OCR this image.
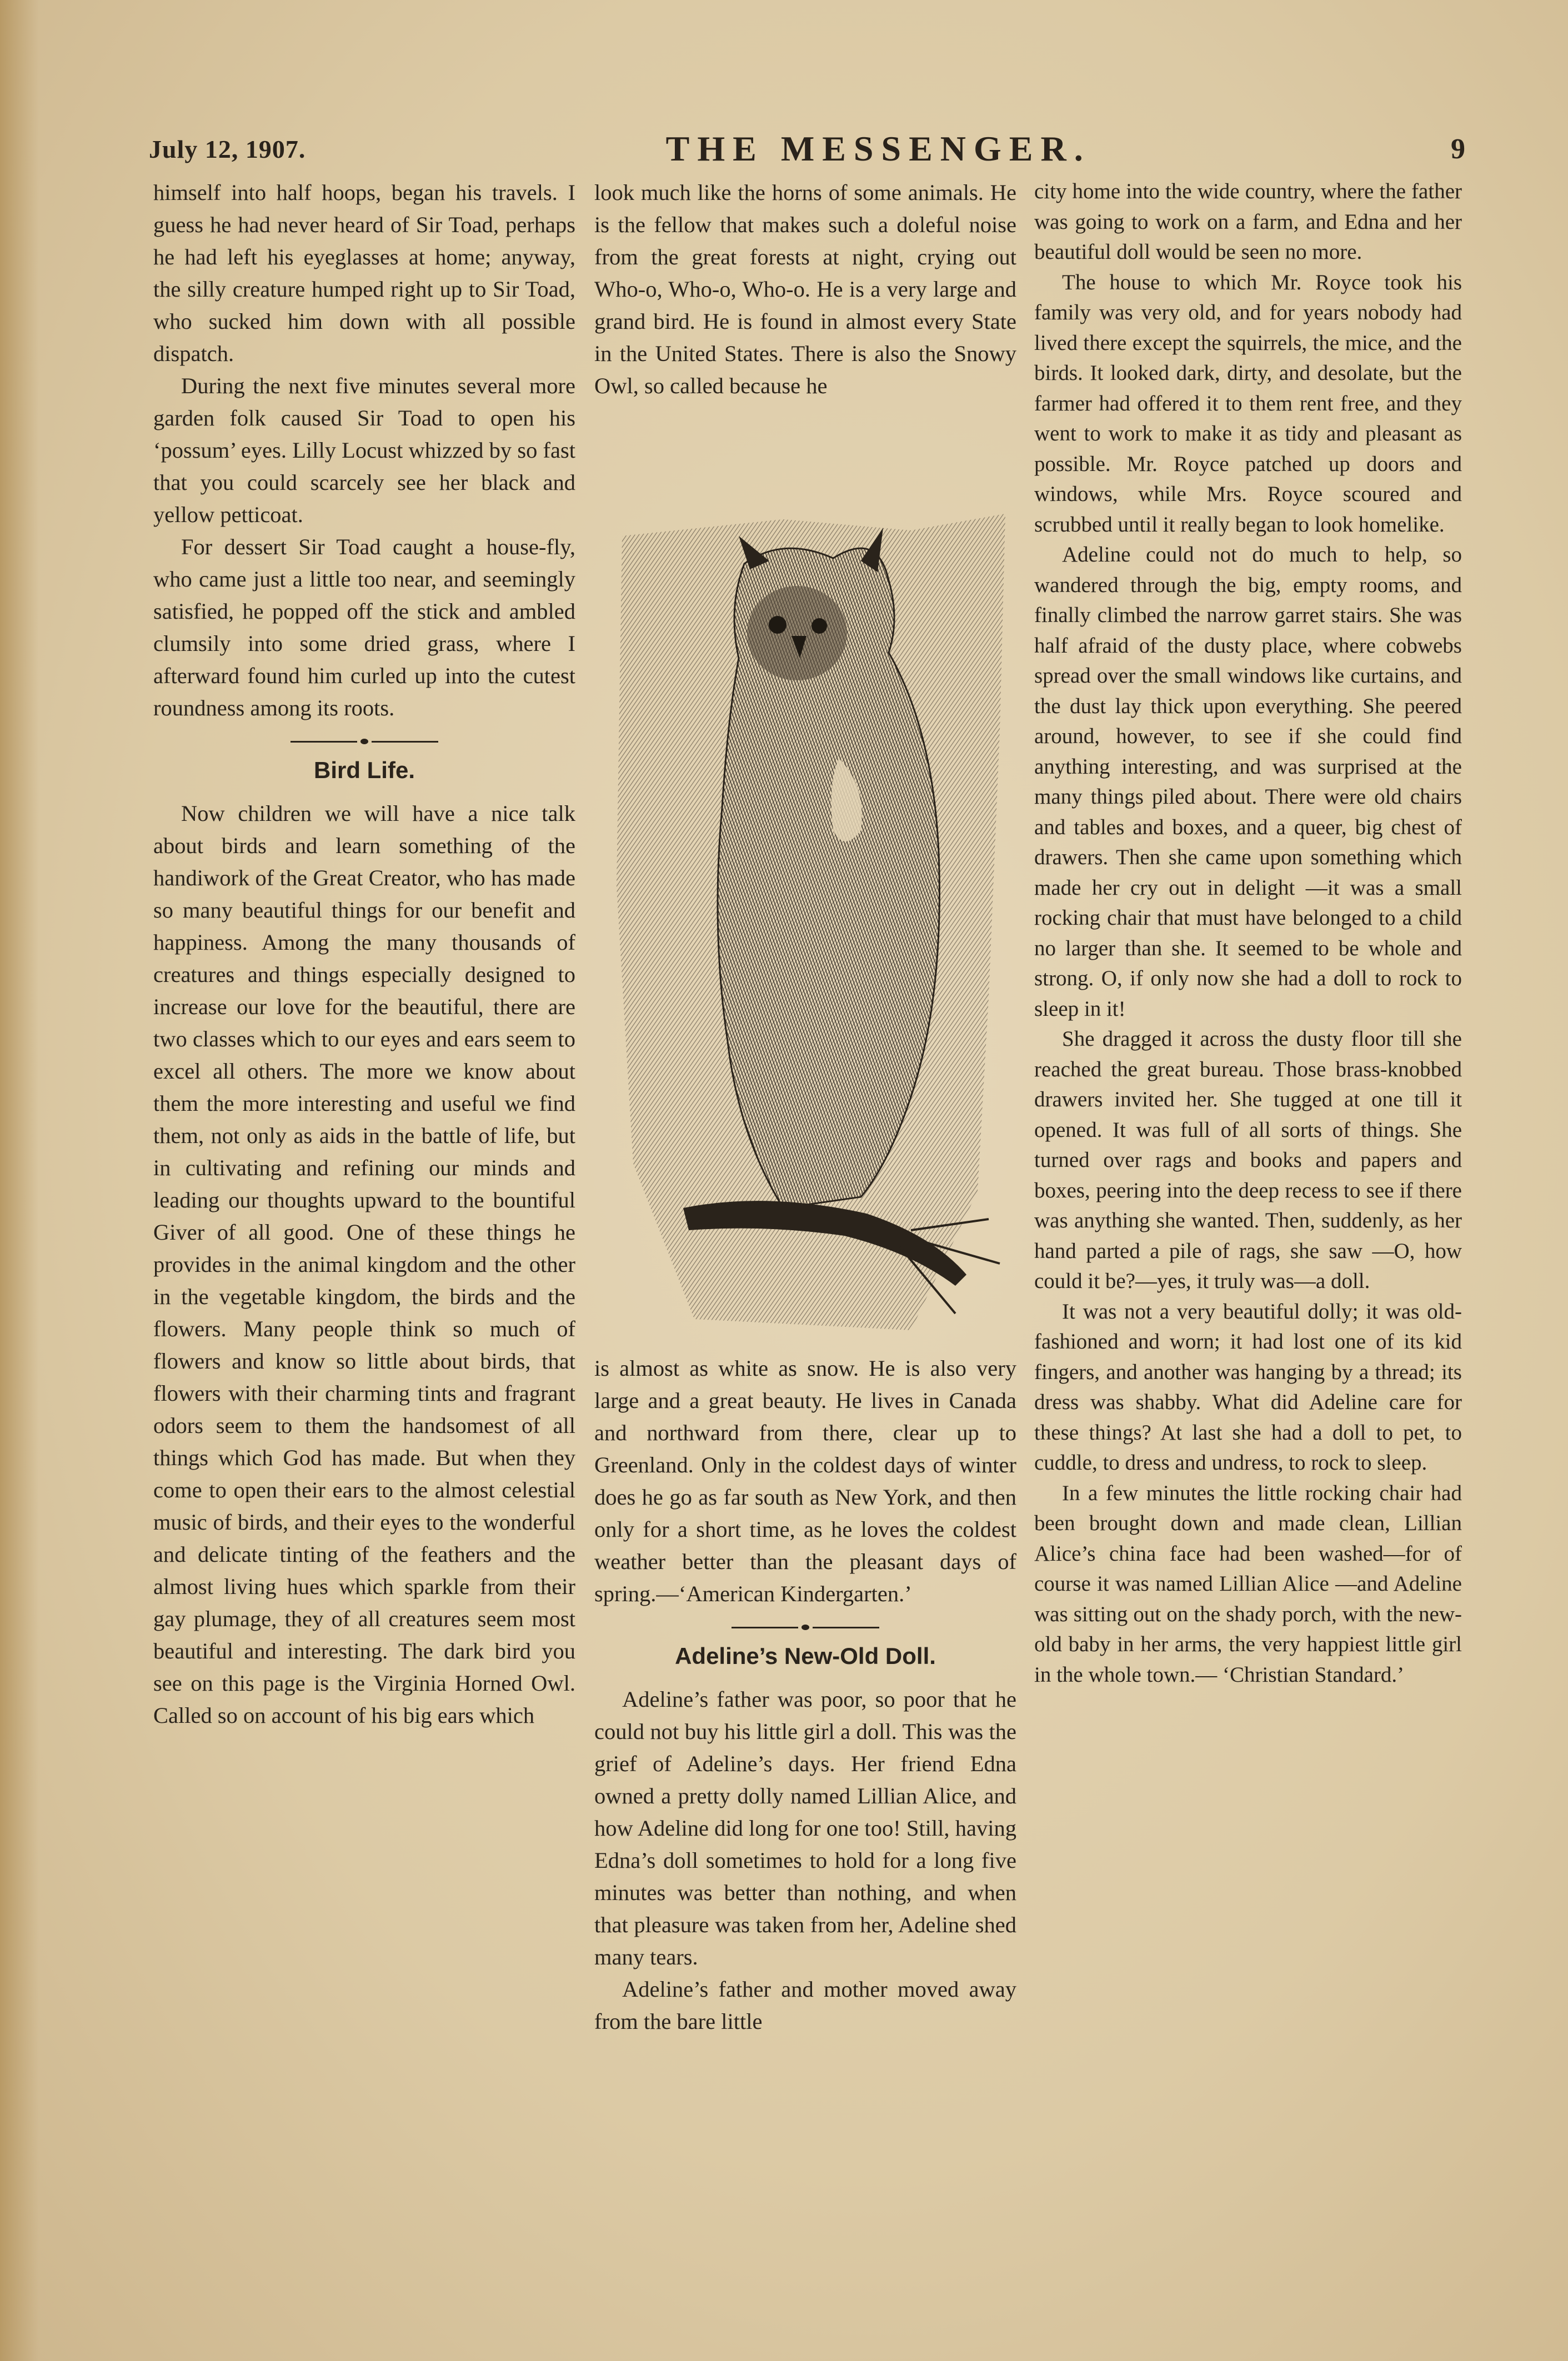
July 12, 1907.	THE MESSENGER.	9

himself into half hoops, began his travels. I guess he had never heard of Sir Toad, perhaps he had left his eyeglasses at home; anyway, the silly creature humped right up to Sir Toad, who sucked him down with all possible dispatch.

During the next five minutes several more garden folk caused Sir Toad to open his ‘possum’ eyes. Lilly Locust whizzed by so fast that you could scarcely see her black and yellow petticoat.

For dessert Sir Toad caught a house-fly, who came just a little too near, and seemingly satisfied, he popped off the stick and ambled clumsily into some dried grass, where I afterward found him curled up into the cutest roundness among its roots.

Bird Life.

Now children we will have a nice talk about birds and learn something of the handiwork of the Great Creator, who has made so many beautiful things for our benefit and happiness. Among the many thousands of creatures and things especially designed to increase our love for the beautiful, there are two classes which to our eyes and ears seem to excel all others. The more we know about them the more interesting and useful we find them, not only as aids in the battle of life, but in cultivating and refining our minds and leading our thoughts upward to the bountiful Giver of all good. One of these things he provides in the animal kingdom and the other in the vegetable kingdom, the birds and the flowers. Many people think so much of flowers and know so little about birds, that flowers with their charming tints and fragrant odors seem to them the handsomest of all things which God has made. But when they come to open their ears to the almost celestial music of birds, and their eyes to the wonderful and delicate tinting of the feathers and the almost living hues which sparkle from their gay plumage, they of all creatures seem most beautiful and interesting. The dark bird you see on this page is the Virginia Horned Owl. Called so on account of his big ears which

look much like the horns of some animals. He is the fellow that makes such a doleful noise from the great forests at night, crying out Who-o, Who-o, Who-o. He is a very large and grand bird. He is found in almost every State in the United States. There is also the Snowy Owl, so called because he

is almost as white as snow. He is also very large and a great beauty. He lives in Canada and northward from there, clear up to Greenland. Only in the coldest days of winter does he go as far south as New York, and then only for a short time, as he loves the coldest weather better than the pleasant days of spring.—‘American Kindergarten.’

Adeline’s New-Old Doll.

Adeline’s father was poor, so poor that he could not buy his little girl a doll. This was the grief of Adeline’s days. Her friend Edna owned a pretty dolly named Lillian Alice, and how Adeline did long for one too! Still, having Edna’s doll sometimes to hold for a long five minutes was better than nothing, and when that pleasure was taken from her, Adeline shed many tears.

Adeline’s father and mother moved away from the bare little

city home into the wide country, where the father was going to work on a farm, and Edna and her beautiful doll would be seen no more.

The house to which Mr. Royce took his family was very old, and for years nobody had lived there except the squirrels, the mice, and the birds. It looked dark, dirty, and desolate, but the farmer had offered it to them rent free, and they went to work to make it as tidy and pleasant as possible. Mr. Royce patched up doors and windows, while Mrs. Royce scoured and scrubbed until it really began to look homelike.

Adeline could not do much to help, so wandered through the big, empty rooms, and finally climbed the narrow garret stairs. She was half afraid of the dusty place, where cobwebs spread over the small windows like curtains, and the dust lay thick upon everything. She peered around, however, to see if she could find anything interesting, and was surprised at the many things piled about. There were old chairs and tables and boxes, and a queer, big chest of drawers. Then she came upon something which made her cry out in delight —it was a small rocking chair that must have belonged to a child no larger than she. It seemed to be whole and strong. O, if only now she had a doll to rock to sleep in it!

She dragged it across the dusty floor till she reached the great bureau. Those brass-knobbed drawers invited her. She tugged at one till it opened. It was full of all sorts of things. She turned over rags and books and papers and boxes, peering into the deep recess to see if there was anything she wanted. Then, suddenly, as her hand parted a pile of rags, she saw —O, how could it be?—yes, it truly was—a doll.

It was not a very beautiful dolly; it was old-fashioned and worn; it had lost one of its kid fingers, and another was hanging by a thread; its dress was shabby. What did Adeline care for these things? At last she had a doll to pet, to cuddle, to dress and undress, to rock to sleep.

In a few minutes the little rocking chair had been brought down and made clean, Lillian Alice’s china face had been washed—for of course it was named Lillian Alice —and Adeline was sitting out on the shady porch, with the new-old baby in her arms, the very happiest little girl in the whole town.— ‘Christian Standard.’
